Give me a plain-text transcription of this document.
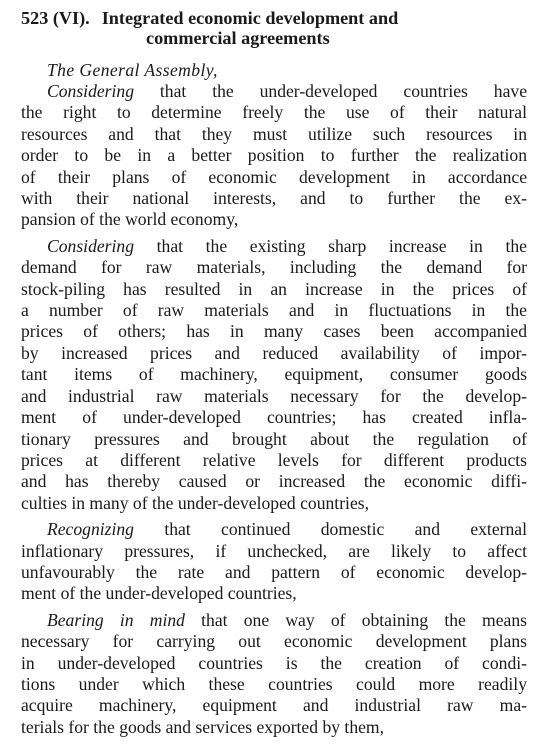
523 (VI). Integrated economic development and
commercial agreements

The General Assembly,

Considering that the under-developed countries have
the right to determine freely the use of their natural
resources and that they must utilize such resources in
order to be in a better position to further the realization
of their plans of economic development in accordance
with their national interests, and to further the ex-
pansion of the world economy,

Considering that the existing sharp increase in the
demand for raw materials, including the demand for
stock-piling has resulted in an increase in the prices of
a number of raw materials and in fluctuations in the
prices of others; has in many cases been accompanied
by increased prices and reduced availability of impor-
tant items of machinery, equipment, consumer goods
and industrial raw materials necessary for the develop-
ment of under-developed countries; has created infla-
tionary pressures and brought about the regulation of
prices at different relative levels for different products
and has thereby caused or increased the economic diffi-
culties in many of the under-developed countries,

Recognizing that continued domestic and external
inflationary pressures, if unchecked, are likely to affect
unfavourably the rate and pattern of economic develop-
ment of the under-developed countries,

Bearing in mind that one way of obtaining the means
necessary for carrying out economic development plans
in under-developed countries is the creation of condi-
tions under which these countries could more readily
acquire machinery, equipment and industrial raw ma-
terials for the goods and services exported by them,
